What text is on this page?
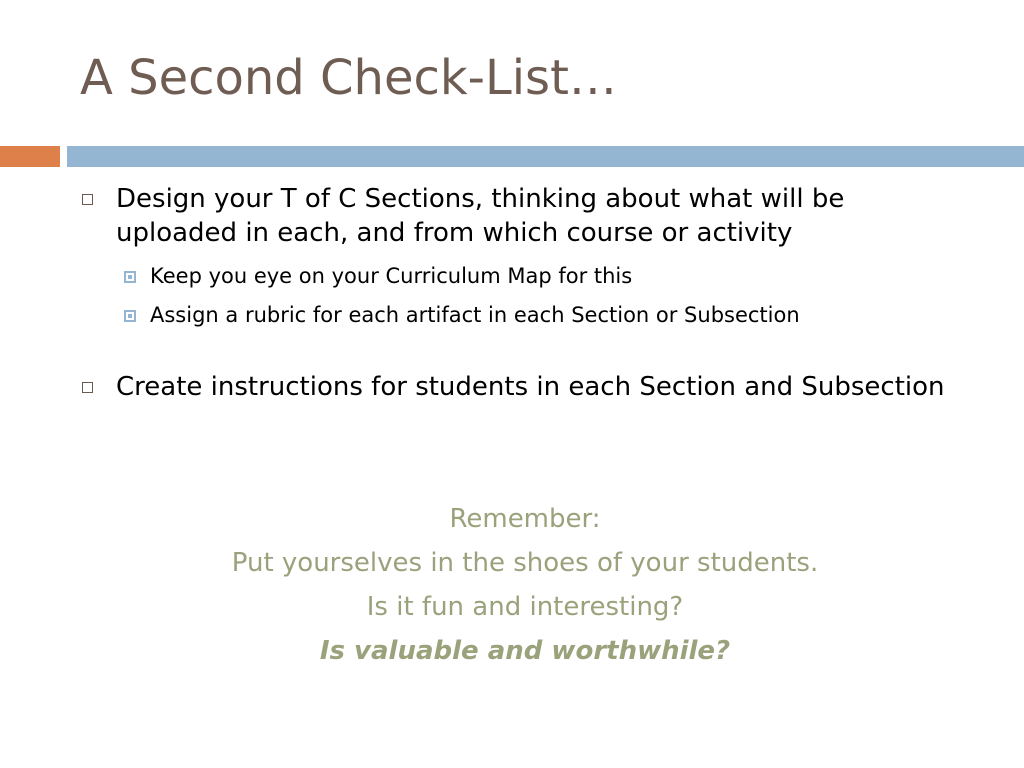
A Second Check-List…
Design your T of C Sections, thinking about what will be uploaded in each, and from which course or activity
Keep you eye on your Curriculum Map for this
Assign a rubric for each artifact in each Section or Subsection
Create instructions for students in each Section and Subsection
Remember:
Put yourselves in the shoes of your students.
Is it fun and interesting?
Is valuable and worthwhile?
